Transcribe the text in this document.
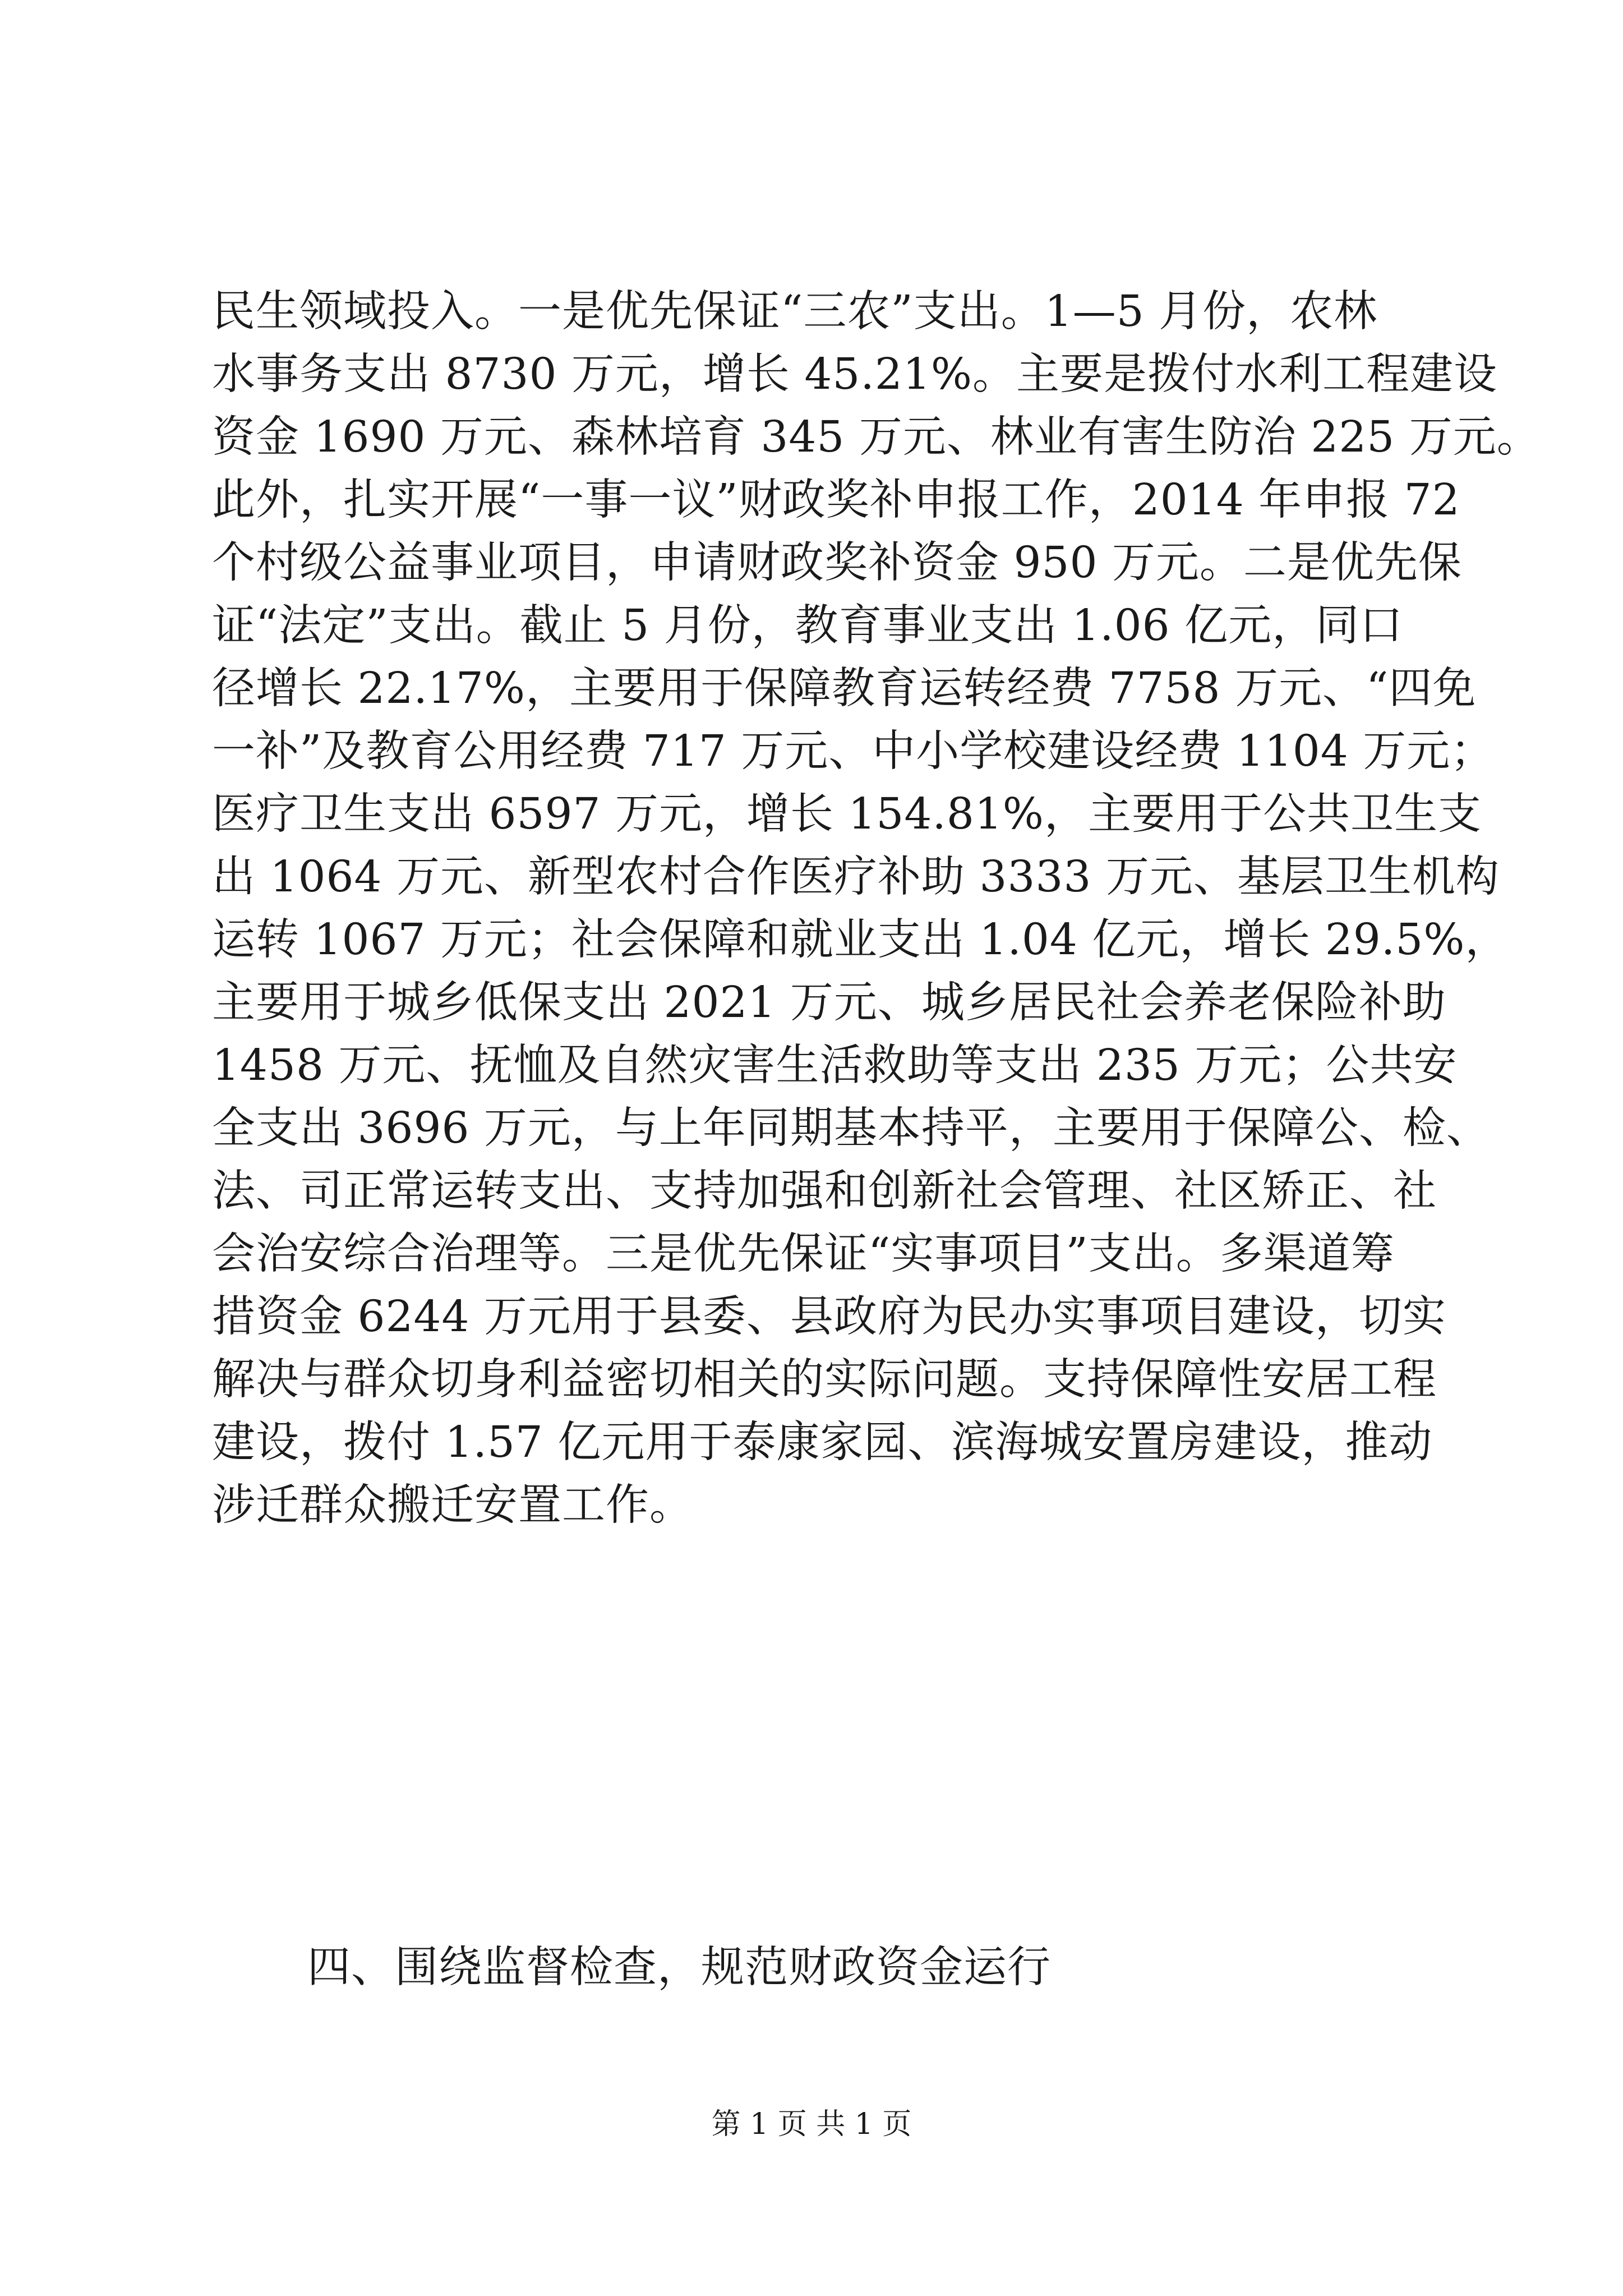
民生领域投入。一是优先保证“三农”支出。1—5 月份，农林
水事务支出 8730 万元，增长 45.21%。主要是拨付水利工程建设
资金 1690 万元、森林培育 345 万元、林业有害生防治 225 万元。
此外，扎实开展“一事一议”财政奖补申报工作，2014 年申报 72
个村级公益事业项目，申请财政奖补资金 950 万元。二是优先保
证“法定”支出。截止 5 月份，教育事业支出 1.06 亿元，同口
径增长 22.17%，主要用于保障教育运转经费 7758 万元、“四免
一补”及教育公用经费 717 万元、中小学校建设经费 1104 万元；
医疗卫生支出 6597 万元，增长 154.81%，主要用于公共卫生支
出 1064 万元、新型农村合作医疗补助 3333 万元、基层卫生机构
运转 1067 万元；社会保障和就业支出 1.04 亿元，增长 29.5%，
主要用于城乡低保支出 2021 万元、城乡居民社会养老保险补助
1458 万元、抚恤及自然灾害生活救助等支出 235 万元；公共安
全支出 3696 万元，与上年同期基本持平，主要用于保障公、检、
法、司正常运转支出、支持加强和创新社会管理、社区矫正、社
会治安综合治理等。三是优先保证“实事项目”支出。多渠道筹
措资金 6244 万元用于县委、县政府为民办实事项目建设，切实
解决与群众切身利益密切相关的实际问题。支持保障性安居工程
建设，拨付 1.57 亿元用于泰康家园、滨海城安置房建设，推动
涉迁群众搬迁安置工作。
四、围绕监督检查，规范财政资金运行
第 1 页 共 1 页
